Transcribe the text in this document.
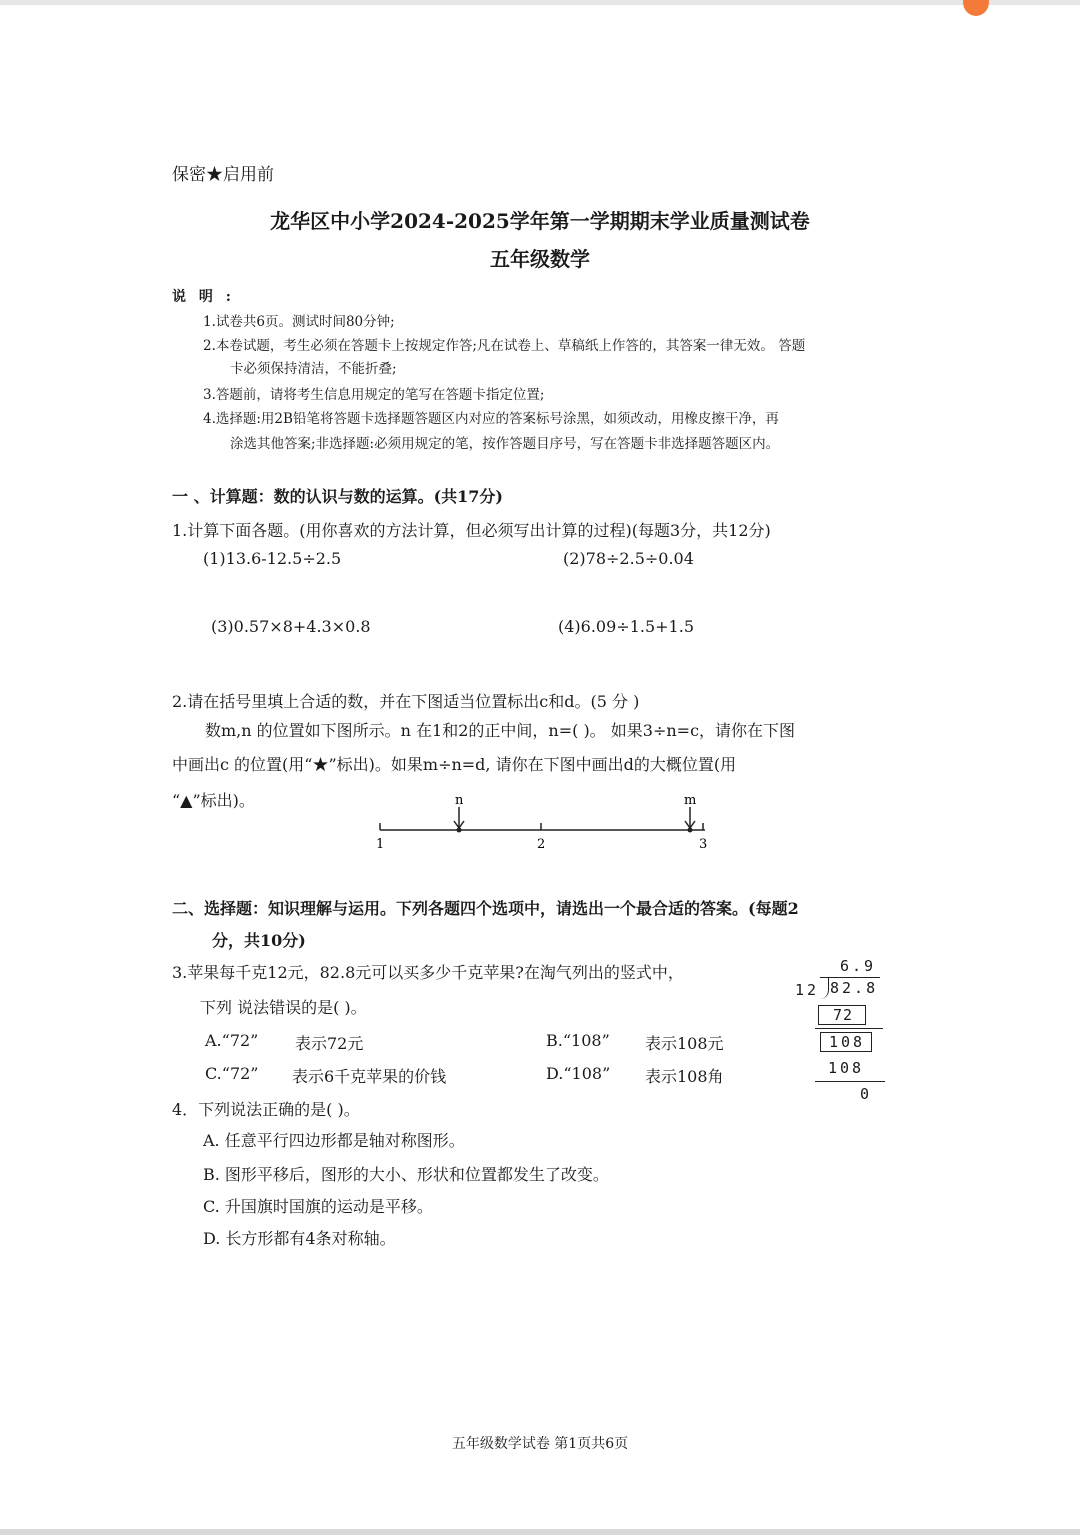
保密★启用前
龙华区中小学2024-2025学年第一学期期末学业质量测试卷
五年级数学
说 明 :
1.试卷共6页。测试时间80分钟;
2.本卷试题，考生必须在答题卡上按规定作答;凡在试卷上、草稿纸上作答的，其答案一律无效。 答题
卡必须保持清洁，不能折叠;
3.答题前，请将考生信息用规定的笔写在答题卡指定位置;
4.选择题:用2B铅笔将答题卡选择题答题区内对应的答案标号涂黑，如须改动，用橡皮擦干净，再
涂选其他答案;非选择题:必须用规定的笔，按作答题目序号，写在答题卡非选择题答题区内。
一 、计算题：数的认识与数的运算。(共17分)
1.计算下面各题。(用你喜欢的方法计算，但必须写出计算的过程)(每题3分，共12分)
(1)13.6-12.5÷2.5	(2)78÷2.5÷0.04
(3)0.57×8+4.3×0.8	(4)6.09÷1.5+1.5
2.请在括号里填上合适的数，并在下图适当位置标出c和d。(5 分 )
数m,n 的位置如下图所示。n 在1和2的正中间，n=( )。 如果3÷n=c，请你在下图
中画出c 的位置(用“★”标出)。如果m÷n=d, 请你在下图中画出d的大概位置(用
“▲”标出)。
1	2	3
n	m
二、选择题：知识理解与运用。下列各题四个选项中，请选出一个最合适的答案。(每题2
分，共10分)
3.苹果每千克12元，82.8元可以买多少千克苹果?在淘气列出的竖式中，
下列 说法错误的是( )。
A.“72” 表示72元	B.“108” 表示108元
C.“72” 表示6千克苹果的价钱	D.“108” 表示108角
6.9
12 82.8
72
108
108
0
4．下列说法正确的是( )。
A. 任意平行四边形都是轴对称图形。
B. 图形平移后，图形的大小、形状和位置都发生了改变。
C. 升国旗时国旗的运动是平移。
D. 长方形都有4条对称轴。
五年级数学试卷 第1页共6页
